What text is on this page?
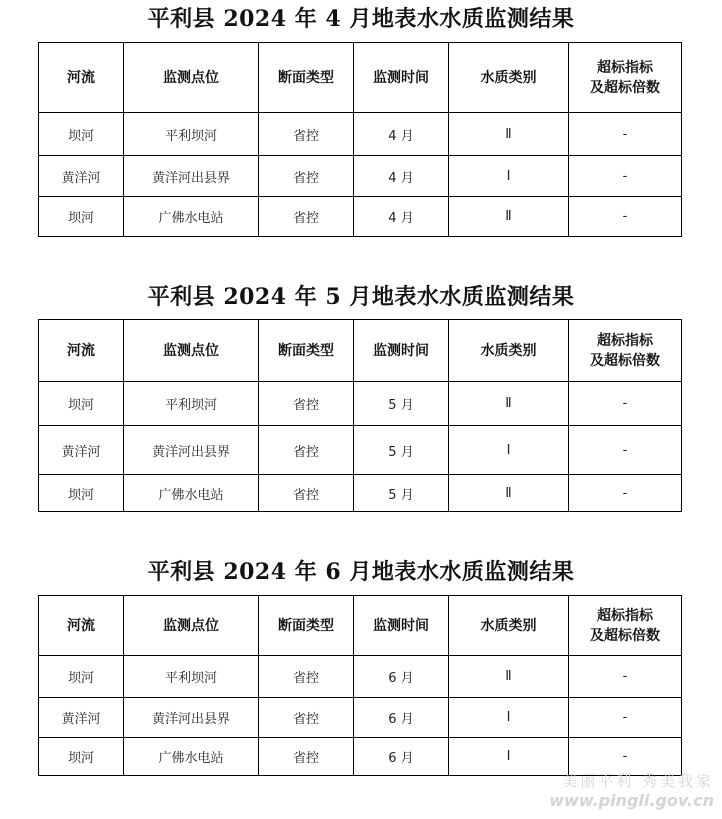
平利县 2024 年 4 月地表水水质监测结果
河流	监测点位	断面类型	监测时间	水质类别	超标指标
及超标倍数

坝河	平利坝河	省控	4 月	Ⅱ	-
黄洋河	黄洋河出县界	省控	4 月	Ⅰ	-
坝河	广佛水电站	省控	4 月	Ⅱ	-
平利县 2024 年 5 月地表水水质监测结果
河流	监测点位	断面类型	监测时间	水质类别	超标指标
及超标倍数

坝河	平利坝河	省控	5 月	Ⅱ	-
黄洋河	黄洋河出县界	省控	5 月	Ⅰ	-
坝河	广佛水电站	省控	5 月	Ⅱ	-
平利县 2024 年 6 月地表水水质监测结果
河流	监测点位	断面类型	监测时间	水质类别	超标指标
及超标倍数

坝河	平利坝河	省控	6 月	Ⅱ	-
黄洋河	黄洋河出县界	省控	6 月	Ⅰ	-
坝河	广佛水电站	省控	6 月	Ⅰ	-
美丽平利 秀美我家
www.pingli.gov.cn
